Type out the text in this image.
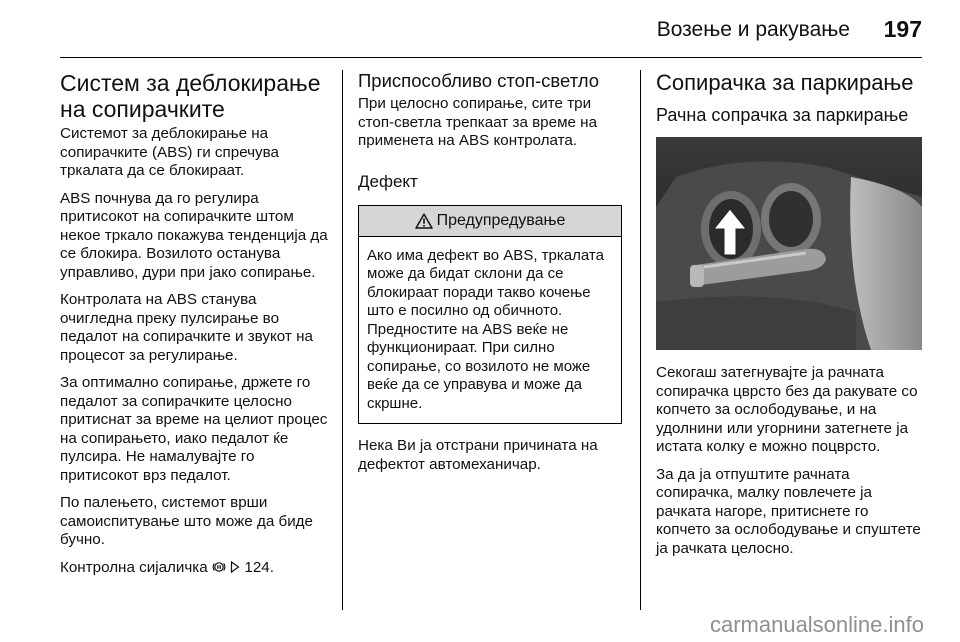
Возење и ракување 197
Систем за деблокирање на сопирачките

Системот за деблокирање на сопирачките (ABS) ги спречува тркалата да се блокираат.

ABS почнува да го регулира притисокот на сопирачките штом некое тркало покажува тенденција да се блокира. Возилото останува управливо, дури при јако сопирање.

Контролата на ABS станува очигледна преку пулсирање во педалот на сопирачките и звукот на процесот за регулирање.

За оптимално сопирање, држете го педалот за сопирачките целосно притиснат за време на целиот процес на сопирањето, иако педалот ќе пулсира. Не намалувајте го притисокот врз педалот.

По палењето, системот врши самоиспитување што може да биде бучно.

Контролна сијаличка 124.

Приспособливо стоп-светло

При целосно сопирање, сите три стоп-светла трепкаат за време на применета на ABS контролата.

Дефект
Предупредување
Ако има дефект во ABS, тркалата може да бидат склони да се блокираат поради такво кочење што е посилно од обичното. Предностите на ABS веќе не функционираат. При силно сопирање, со возилото не може веќе да се управува и може да скршне.

Нека Ви ја отстрани причината на дефектот автомеханичар.

Сопирачка за паркирање
Рачна сопрачка за паркирање

Секогаш затегнувајте ја рачната сопирачка цврсто без да ракувате со копчето за ослободување, и на удолнини или угорнини затегнете ја истата колку е можно поцврсто.

За да ја отпуштите рачната сопирачка, малку повлечете ја рачката нагоре, притиснете го копчето за ослободување и спуштете ја рачката целосно.

carmanualsonline.info
